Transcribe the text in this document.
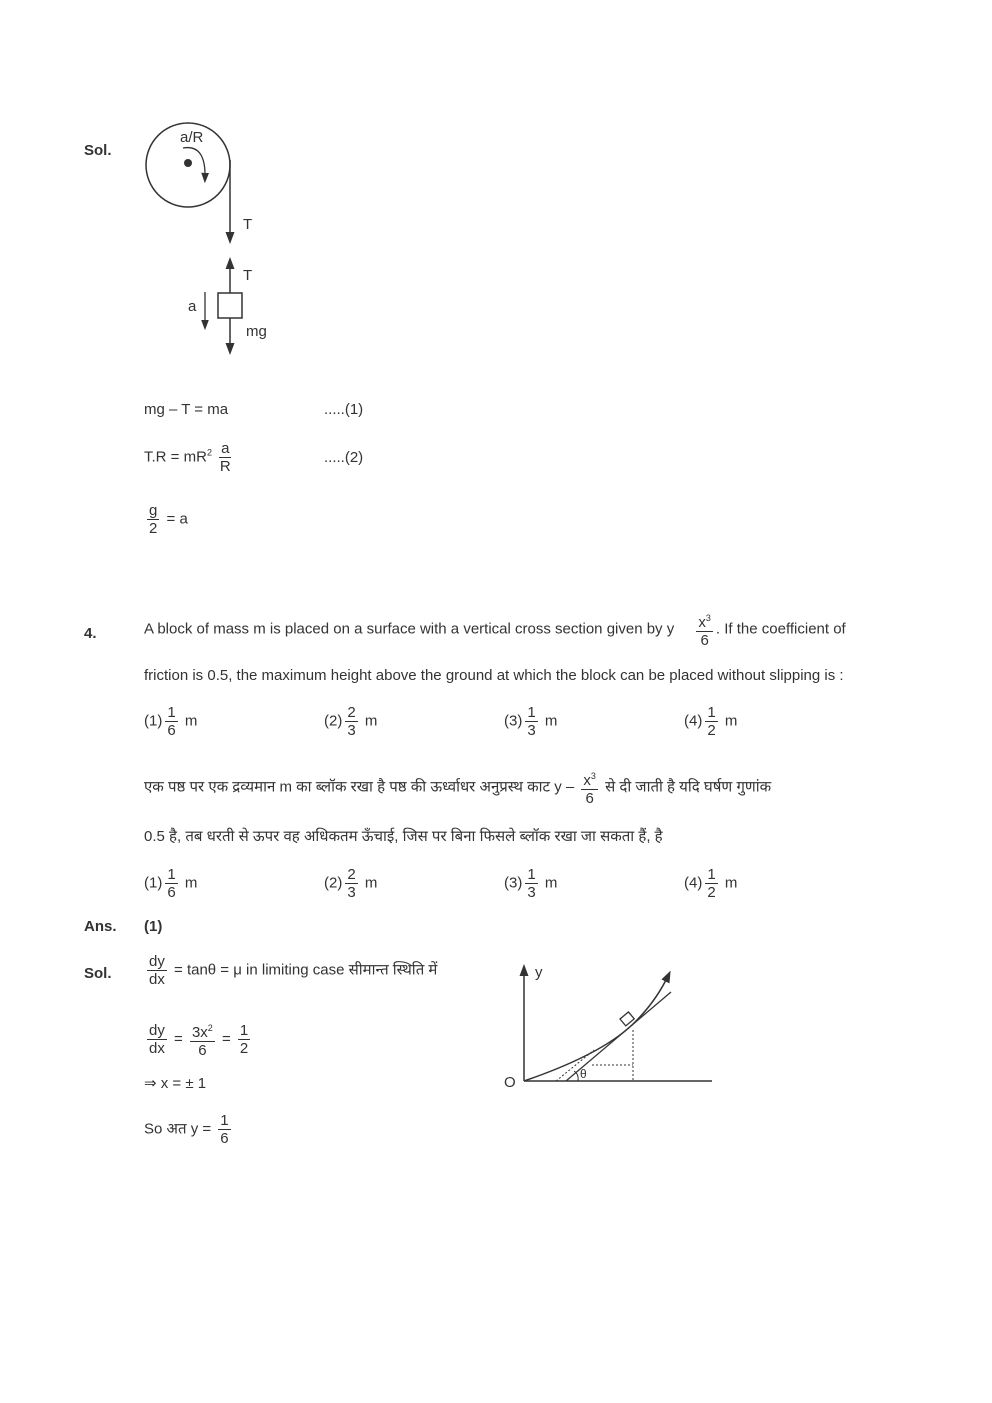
a/R
T
T
mg
a
y
O	θ
Sol.
mg – T = ma	.....(1)
$T.R = mR^2 \frac{a}{R}$	.....(2)
$\frac{g}{2} = a$
4.	A block of mass m is placed on a surface with a vertical cross section given by y $\frac{x^3}{6}$ . If the coefficient of
friction is 0.5, the maximum height above the ground at which the block can be placed without slipping is :
$(1) \frac{1}{6}$ m	$(2) \frac{2}{3}$ m	$(3) \frac{1}{3}$ m	$(4) \frac{1}{2}$ m
एक पष्ठ पर एक द्रव्यमान m का ब्लॉक रखा है पष्ठ की ऊर्ध्वाधर अनुप्रस्थ काट y – $\frac{x^3}{6}$ से दी जाती है यदि घर्षण गुणांक
0.5 है, तब धरती से ऊपर वह अधिकतम ऊँचाई, जिस पर बिना फिसले ब्लॉक रखा जा सकता हैं, है
$(1) \frac{1}{6}$ m	$(2) \frac{2}{3}$ m	$(3) \frac{1}{3}$ m	$(4) \frac{1}{2}$ m
Ans. (1)
Sol. $\frac{dy}{dx} = \tan\theta = \mu$ in limiting case सीमान्त स्थिति में
$\frac{dy}{dx} = \frac{3x^2}{6} = \frac{1}{2}$
⇒ x = ± 1
So अत $y = \frac{1}{6}$
